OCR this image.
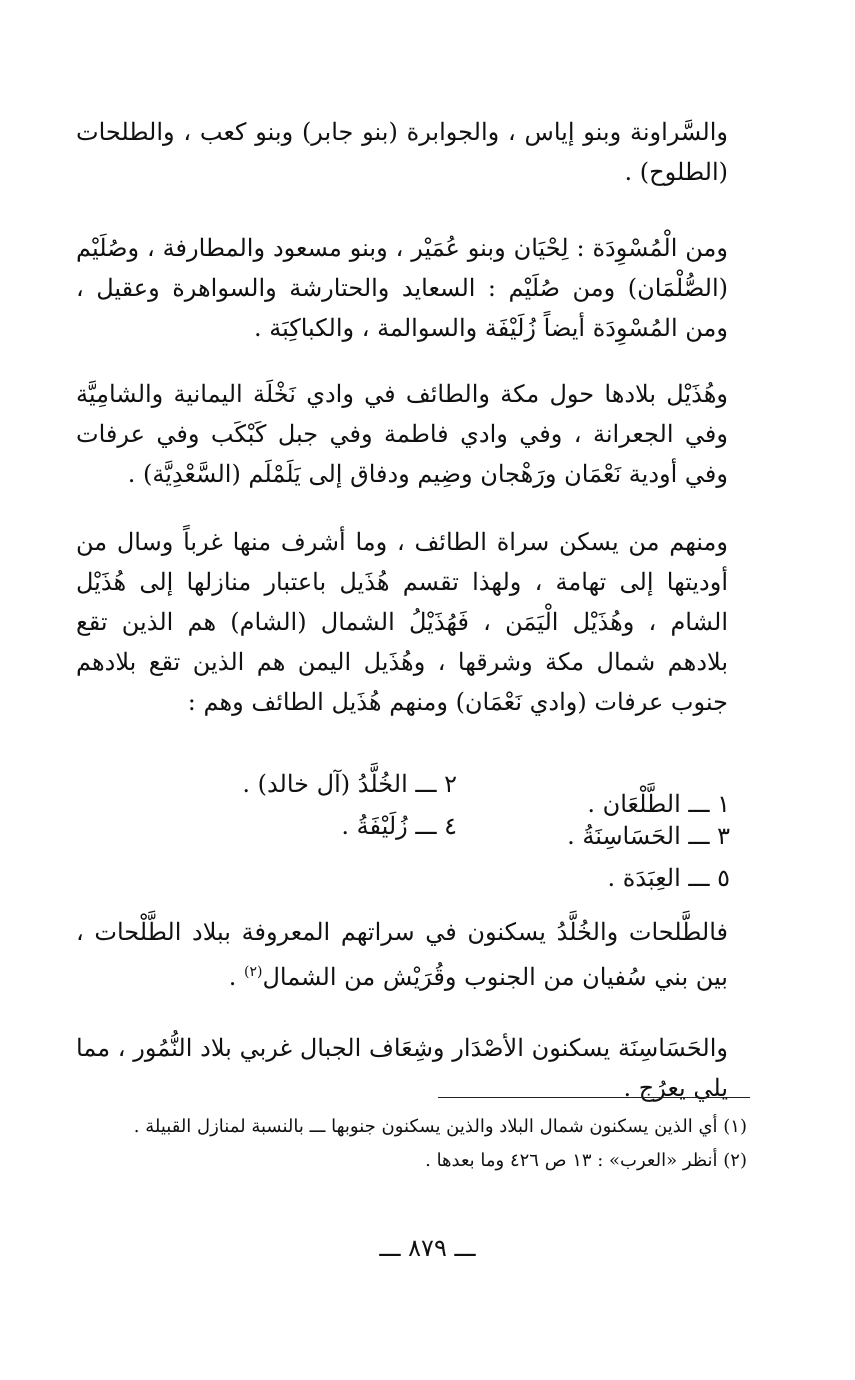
والسَّراونة وبنو إياس ، والجوابرة (بنو جابر) وبنو كعب ، والطلحات (الطلوح) .
ومن الْمُسْوِدَة : لِحْيَان وبنو عُمَيْر ، وبنو مسعود والمطارفة ، وصُلَيْم (الصُّلْمَان) ومن صُلَيْم : السعايد والحتارشة والسواهرة وعقيل ، ومن المُسْوِدَة أيضاً زُلَيْفَة والسوالمة ، والكباكِبَة .
وهُذَيْل بلادها حول مكة والطائف في وادي نَخْلَة اليمانية والشامِيَّة وفي الجعرانة ، وفي وادي فاطمة وفي جبل كَبْكَب وفي عرفات وفي أودية نَعْمَان ورَهْجان وضِيم ودفاق إلى يَلَمْلَم (السَّعْدِيَّة) .
ومنهم من يسكن سراة الطائف ، وما أشرف منها غرباً وسال من أوديتها إلى تهامة ، ولهذا تقسم هُذَيل باعتبار منازلها إلى هُذَيْل الشام ، وهُذَيْل الْيَمَن ، فَهُذَيْلُ الشمال (الشام) هم الذين تقع بلادهم شمال مكة وشرقها ، وهُذَيل اليمن هم الذين تقع بلادهم جنوب عرفات (وادي نَعْمَان) ومنهم هُذَيل الطائف وهم :
١ ـــ الطَّلْعَان .
٢ ـــ الخُلَّدُ (آل خالد) .
٣ ـــ الحَسَاسِنَةُ .
٤ ـــ زُلَيْفَةُ .
٥ ـــ العِبَدَة .
فالطَّلحات والخُلَّدُ يسكنون في سراتهم المعروفة ببلاد الطَّلْحات ، بين بني سُفيان من الجنوب وقُرَيْش من الشمال$^{(٢)}$ .
والحَسَاسِنَة يسكنون الأصْدَار وشِعَاف الجبال غربي بلاد النُّمُور ، مما يلي يعرُج .
(١) أي الذين يسكنون شمال البلاد والذين يسكنون جنوبها ـــ بالنسبة لمنازل القبيلة .
(٢) أنظر «العرب» : ١٣ ص ٤٢٦ وما بعدها .
ـــ ٨٧٩ ـــ
